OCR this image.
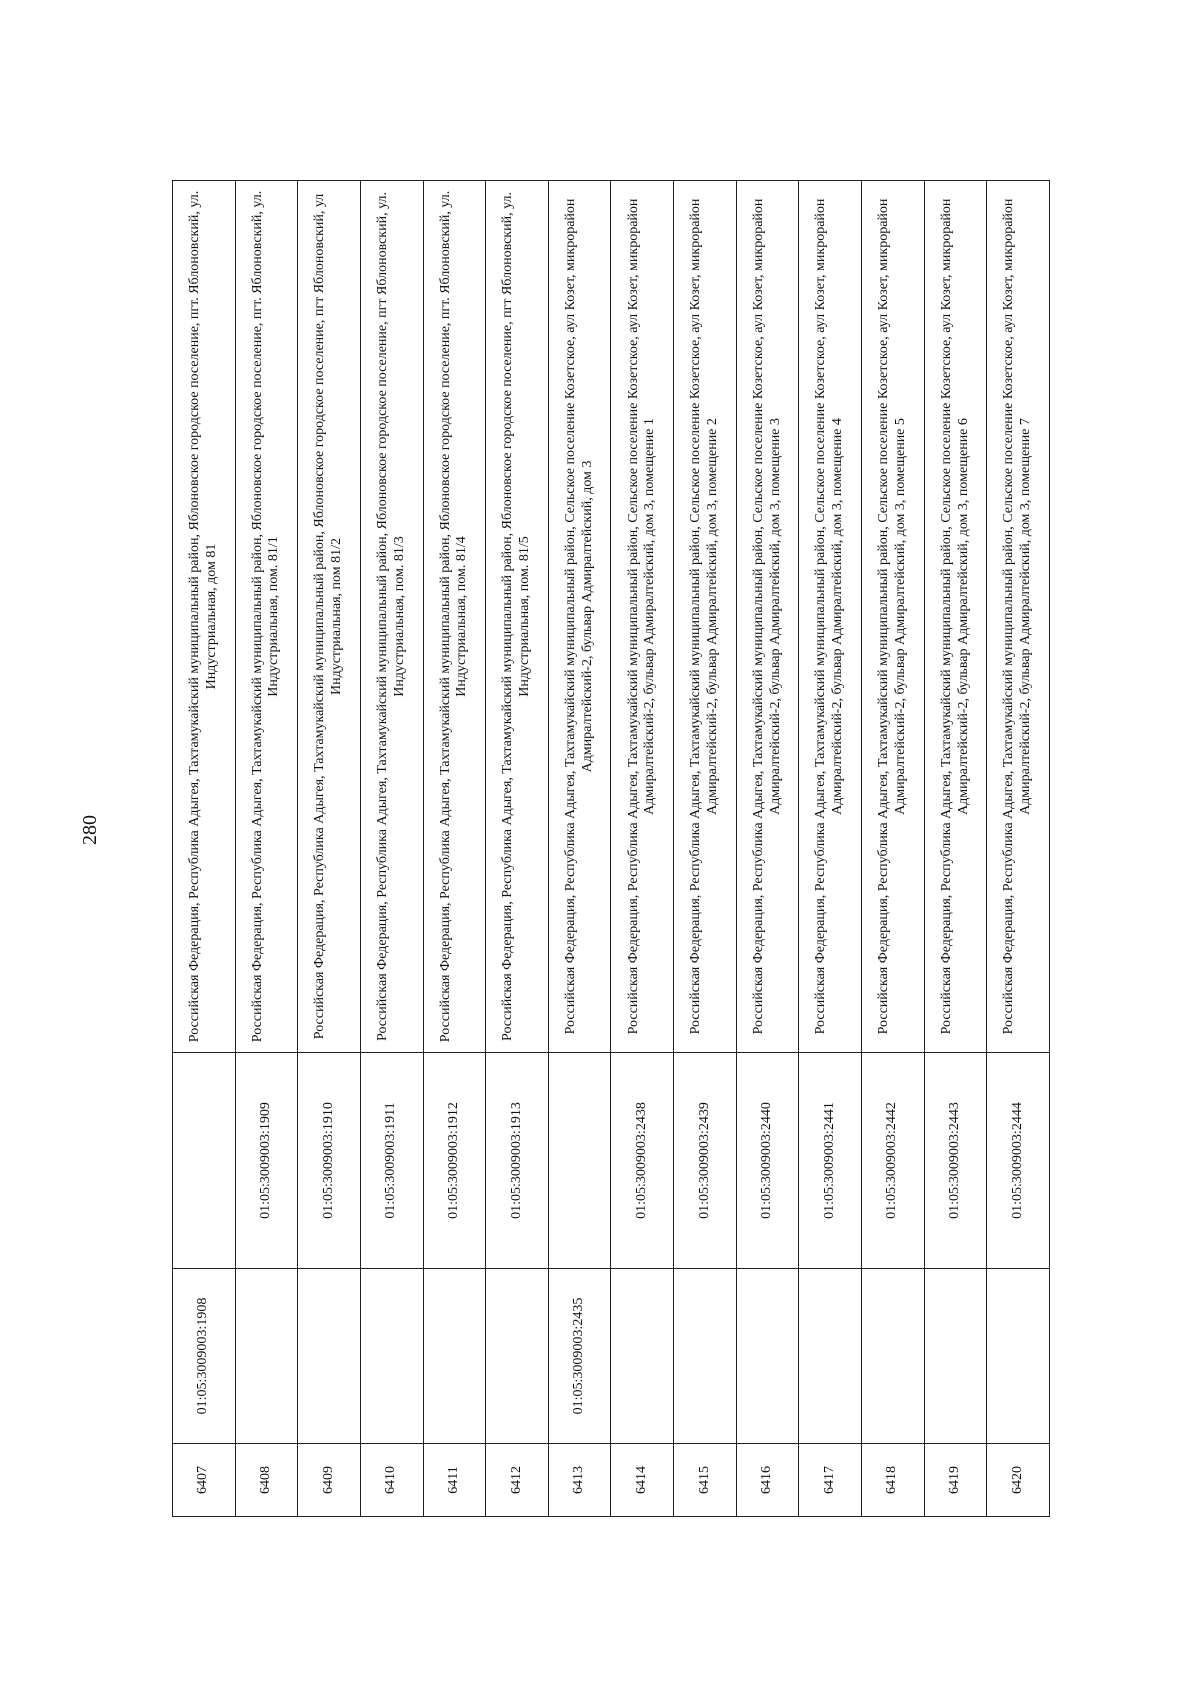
280
6407	01:05:3009003:1908		Российская Федерация, Республика Адыгея, Тахтамукайский муниципальный район, Яблоновское городское поселение, пгт. Яблоновский, ул. Индустриальная, дом 81
6408		01:05:3009003:1909	Российская Федерация, Республика Адыгея, Тахтамукайский муниципальный район, Яблоновское городское поселение, пгт. Яблоновский, ул. Индустриальная, пом. 81/1
6409		01:05:3009003:1910	Российская Федерация, Республика Адыгея, Тахтамукайский муниципальный район, Яблоновское городское поселение, пгт Яблоновский, ул Индустриальная, пом 81/2
6410		01:05:3009003:1911	Российская Федерация, Республика Адыгея, Тахтамукайский муниципальный район, Яблоновское городское поселение, пгт Яблоновский, ул. Индустриальная, пом. 81/3
6411		01:05:3009003:1912	Российская Федерация, Республика Адыгея, Тахтамукайский муниципальный район, Яблоновское городское поселение, пгт. Яблоновский, ул. Индустриальная, пом. 81/4
6412		01:05:3009003:1913	Российская Федерация, Республика Адыгея, Тахтамукайский муниципальный район, Яблоновское городское поселение, пгт Яблоновский, ул. Индустриальная, пом. 81/5
6413	01:05:3009003:2435		Российская Федерация, Республика Адыгея, Тахтамукайский муниципальный район, Сельское поселение Козетское, аул Козет, микрорайон Адмиралтейский-2, бульвар Адмиралтейский, дом 3
6414		01:05:3009003:2438	Российская Федерация, Республика Адыгея, Тахтамукайский муниципальный район, Сельское поселение Козетское, аул Козет, микрорайон Адмиралтейский-2, бульвар Адмиралтейский, дом 3, помещение 1
6415		01:05:3009003:2439	Российская Федерация, Республика Адыгея, Тахтамукайский муниципальный район, Сельское поселение Козетское, аул Козет, микрорайон Адмиралтейский-2, бульвар Адмиралтейский, дом 3, помещение 2
6416		01:05:3009003:2440	Российская Федерация, Республика Адыгея, Тахтамукайский муниципальный район, Сельское поселение Козетское, аул Козет, микрорайон Адмиралтейский-2, бульвар Адмиралтейский, дом 3, помещение 3
6417		01:05:3009003:2441	Российская Федерация, Республика Адыгея, Тахтамукайский муниципальный район, Сельское поселение Козетское, аул Козет, микрорайон Адмиралтейский-2, бульвар Адмиралтейский, дом 3, помещение 4
6418		01:05:3009003:2442	Российская Федерация, Республика Адыгея, Тахтамукайский муниципальный район, Сельское поселение Козетское, аул Козет, микрорайон Адмиралтейский-2, бульвар Адмиралтейский, дом 3, помещение 5
6419		01:05:3009003:2443	Российская Федерация, Республика Адыгея, Тахтамукайский муниципальный район, Сельское поселение Козетское, аул Козет, микрорайон Адмиралтейский-2, бульвар Адмиралтейский, дом 3, помещение 6
6420		01:05:3009003:2444	Российская Федерация, Республика Адыгея, Тахтамукайский муниципальный район, Сельское поселение Козетское, аул Козет, микрорайон Адмиралтейский-2, бульвар Адмиралтейский, дом 3, помещение 7
